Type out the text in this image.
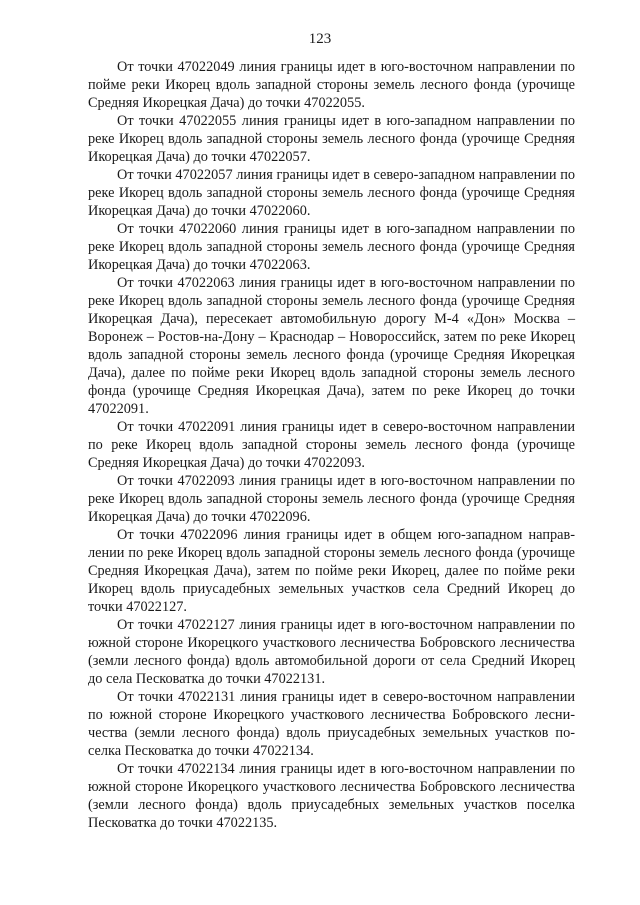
123

От точки 47022049 линия границы идет в юго-восточном направлении по пойме реки Икорец вдоль западной стороны земель лесного фонда (урочище Средняя Икорецкая Дача) до точки 47022055.

От точки 47022055 линия границы идет в юго-западном направлении по реке Икорец вдоль западной стороны земель лесного фонда (урочище Средняя Икорецкая Дача) до точки 47022057.

От точки 47022057 линия границы идет в северо-западном направлении по реке Икорец вдоль западной стороны земель лесного фонда (урочище Средняя Икорецкая Дача) до точки 47022060.

От точки 47022060 линия границы идет в юго-западном направлении по реке Икорец вдоль западной стороны земель лесного фонда (урочище Средняя Икорецкая Дача) до точки 47022063.

От точки 47022063 линия границы идет в юго-восточном направлении по реке Икорец вдоль западной стороны земель лесного фонда (урочище Средняя Икорецкая Дача), пересекает автомобильную дорогу М-4 «Дон» Москва – Воронеж – Ростов-на-Дону – Краснодар – Новороссийск, затем по реке Икорец вдоль западной стороны земель лесного фонда (урочище Средняя Икорецкая Дача), далее по пойме реки Икорец вдоль западной стороны земель лесного фонда (урочище Средняя Икорецкая Дача), затем по реке Икорец до точки 47022091.

От точки 47022091 линия границы идет в северо-восточном направлении по реке Икорец вдоль западной стороны земель лесного фонда (урочище Средняя Икорецкая Дача) до точки 47022093.

От точки 47022093 линия границы идет в юго-восточном направлении по реке Икорец вдоль западной стороны земель лесного фонда (урочище Средняя Икорецкая Дача) до точки 47022096.

От точки 47022096 линия границы идет в общем юго-западном направлении по реке Икорец вдоль западной стороны земель лесного фонда (урочище Средняя Икорецкая Дача), затем по пойме реки Икорец, далее по пойме реки Икорец вдоль приусадебных земельных участков села Средний Икорец до точки 47022127.

От точки 47022127 линия границы идет в юго-восточном направлении по южной стороне Икорецкого участкового лесничества Бобровского лесничества (земли лесного фонда) вдоль автомобильной дороги от села Средний Икорец до села Песковатка до точки 47022131.

От точки 47022131 линия границы идет в северо-восточном направлении по южной стороне Икорецкого участкового лесничества Бобровского лесничества (земли лесного фонда) вдоль приусадебных земельных участков поселка Песковатка до точки 47022134.

От точки 47022134 линия границы идет в юго-восточном направлении по южной стороне Икорецкого участкового лесничества Бобровского лесничества (земли лесного фонда) вдоль приусадебных земельных участков поселка Песковатка до точки 47022135.
